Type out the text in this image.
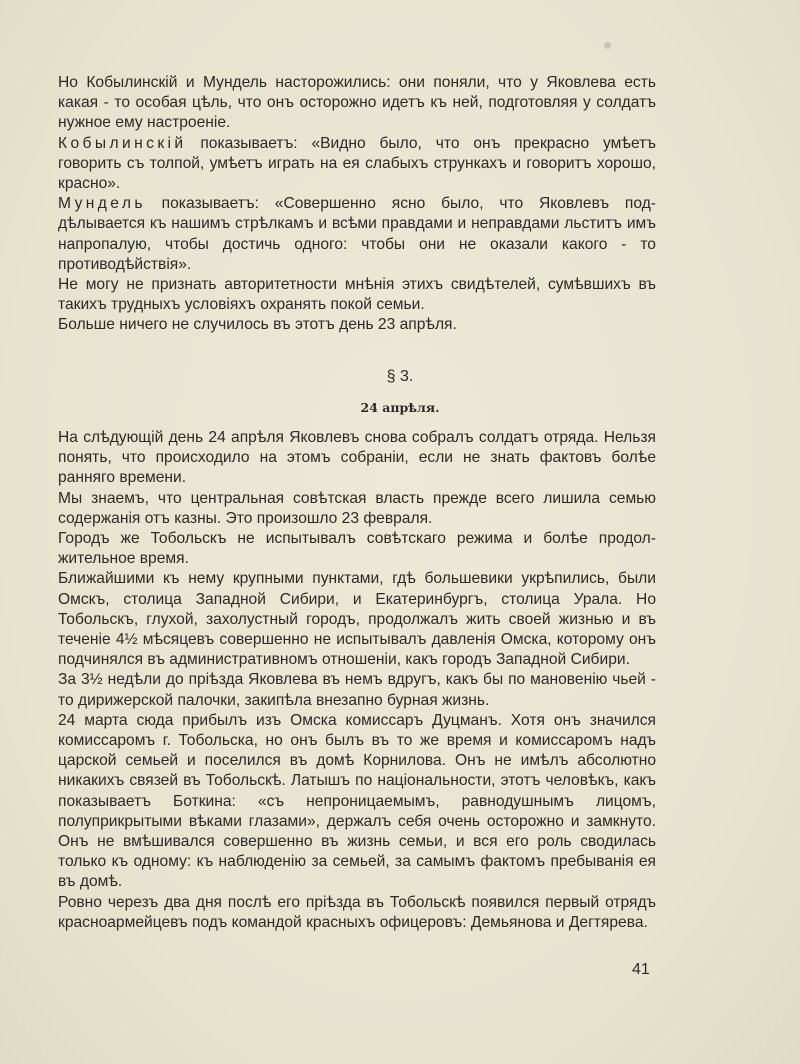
Но Кобылинскій и Мундель насторожились: они поняли, что у Яковлева есть какая - то особая цѣль, что онъ осторожно идетъ къ ней, подготовляя у солдатъ нужное ему настроеніе.

Кобылинскій показываетъ: «Видно было, что онъ прекрасно умѣетъ говорить съ толпой, умѣетъ играть на ея слабыхъ стрункахъ и говоритъ хорошо, красно».

Мундель показываетъ: «Совершенно ясно было, что Яковлевъ поддѣлывается къ нашимъ стрѣлкамъ и всѣми правдами и неправдами льститъ имъ напропалую, чтобы достичь одного: чтобы они не оказали какого - то противодѣйствія».

Не могу не признать авторитетности мнѣнія этихъ свидѣтелей, сумѣвшихъ въ такихъ трудныхъ условіяхъ охранять покой семьи.

Больше ничего не случилось въ этотъ день 23 апрѣля.

§ 3.
24 апрѣля.

На слѣдующій день 24 апрѣля Яковлевъ снова собралъ солдатъ отряда. Нельзя понять, что происходило на этомъ собраніи, если не знать фактовъ болѣе ранняго времени.

Мы знаемъ, что центральная совѣтская власть прежде всего лишила семью содержанія отъ казны. Это произошло 23 февраля.

Городъ же Тобольскъ не испытывалъ совѣтскаго режима и болѣе продолжительное время.

Ближайшими къ нему крупными пунктами, гдѣ большевики укрѣпились, были Омскъ, столица Западной Сибири, и Екатеринбургъ, столица Урала. Но Тобольскъ, глухой, захолустный городъ, продолжалъ жить своей жизнью и въ теченіе 4½ мѣсяцевъ совершенно не испытывалъ давленія Омска, которому онъ подчинялся въ административномъ отношеніи, какъ городъ Западной Сибири.

За 3½ недѣли до пріѣзда Яковлева въ немъ вдругъ, какъ бы по мановенію чьей - то дирижерской палочки, закипѣла внезапно бурная жизнь.

24 марта сюда прибылъ изъ Омска комиссаръ Дуцманъ. Хотя онъ значился комиссаромъ г. Тобольска, но онъ былъ въ то же время и комиссаромъ надъ царской семьей и поселился въ домѣ Корнилова. Онъ не имѣлъ абсолютно никакихъ связей въ Тобольскѣ. Латышъ по національности, этотъ человѣкъ, какъ показываетъ Боткина: «съ непроницаемымъ, равнодушнымъ лицомъ, полуприкрытыми вѣками глазами», держалъ себя очень осторожно и замкнуто. Онъ не вмѣшивался совершенно въ жизнь семьи, и вся его роль сводилась только къ одному: къ наблюденію за семьей, за самымъ фактомъ пребыванія ея въ домѣ.

Ровно черезъ два дня послѣ его пріѣзда въ Тобольскѣ появился первый отрядъ красноармейцевъ подъ командой красныхъ офицеровъ: Демьянова и Дегтярева.

41
